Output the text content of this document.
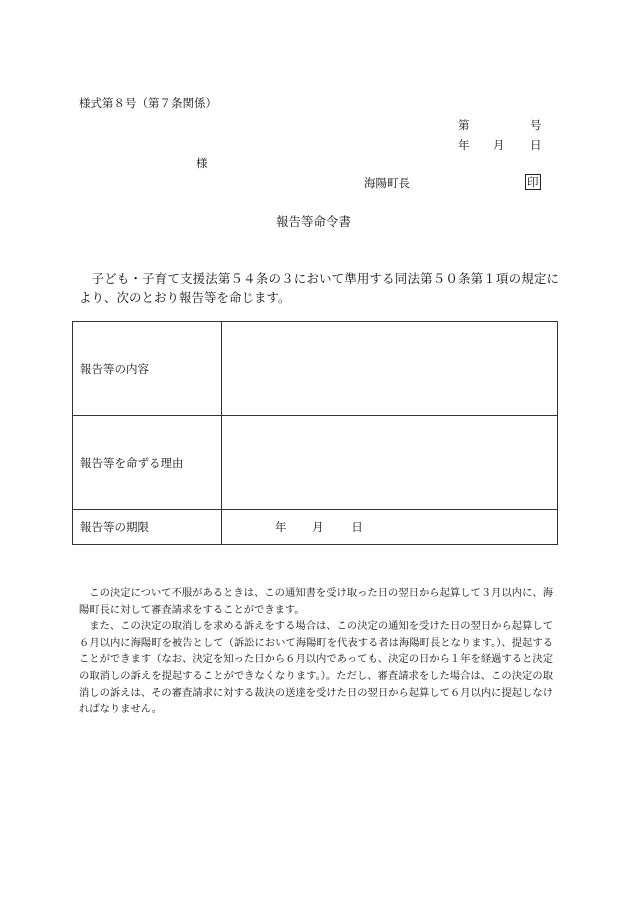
様式第８号（第７条関係）
第	号
年 月 日
様
海陽町長	印
報告等命令書

子ども・子育て支援法第５４条の３において準用する同法第５０条第１項の規定により、次のとおり報告等を命じます。

報告等の内容	
報告等を命ずる理由	
報告等の期限	年 月 日

この決定について不服があるときは、この通知書を受け取った日の翌日から起算して３月以内に、海陽町長に対して審査請求をすることができます。

また、この決定の取消しを求める訴えをする場合は、この決定の通知を受けた日の翌日から起算して６月以内に海陽町を被告として（訴訟において海陽町を代表する者は海陽町長となります。）、提起することができます（なお、決定を知った日から６月以内であっても、決定の日から１年を経過すると決定の取消しの訴えを提起することができなくなります。）。ただし、審査請求をした場合は、この決定の取消しの訴えは、その審査請求に対する裁決の送達を受けた日の翌日から起算して６月以内に提起しなければなりません。
